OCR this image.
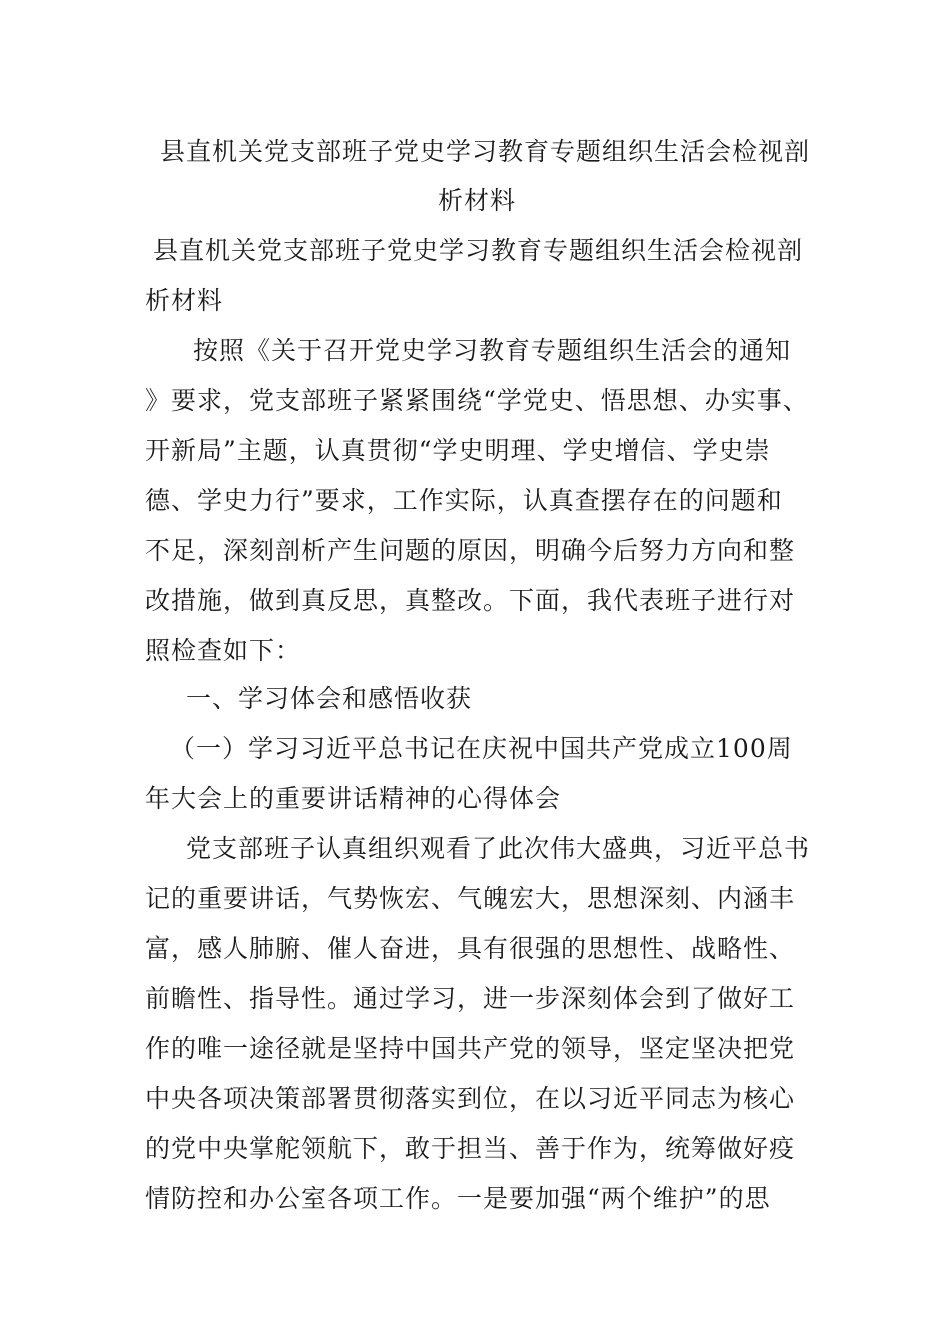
县直机关党支部班子党史学习教育专题组织生活会检视剖
析材料
县直机关党支部班子党史学习教育专题组织生活会检视剖
析材料
按照《关于召开党史学习教育专题组织生活会的通知
》要求，党支部班子紧紧围绕“学党史、悟思想、办实事、
开新局”主题，认真贯彻“学史明理、学史增信、学史崇
德、学史力行”要求，工作实际，认真查摆存在的问题和
不足，深刻剖析产生问题的原因，明确今后努力方向和整
改措施，做到真反思，真整改。下面，我代表班子进行对
照检查如下：
一、学习体会和感悟收获
（一）学习习近平总书记在庆祝中国共产党成立100周
年大会上的重要讲话精神的心得体会
党支部班子认真组织观看了此次伟大盛典，习近平总书
记的重要讲话，气势恢宏、气魄宏大，思想深刻、内涵丰
富，感人肺腑、催人奋进，具有很强的思想性、战略性、
前瞻性、指导性。通过学习，进一步深刻体会到了做好工
作的唯一途径就是坚持中国共产党的领导，坚定坚决把党
中央各项决策部署贯彻落实到位，在以习近平同志为核心
的党中央掌舵领航下，敢于担当、善于作为，统筹做好疫
情防控和办公室各项工作。一是要加强“两个维护”的思
